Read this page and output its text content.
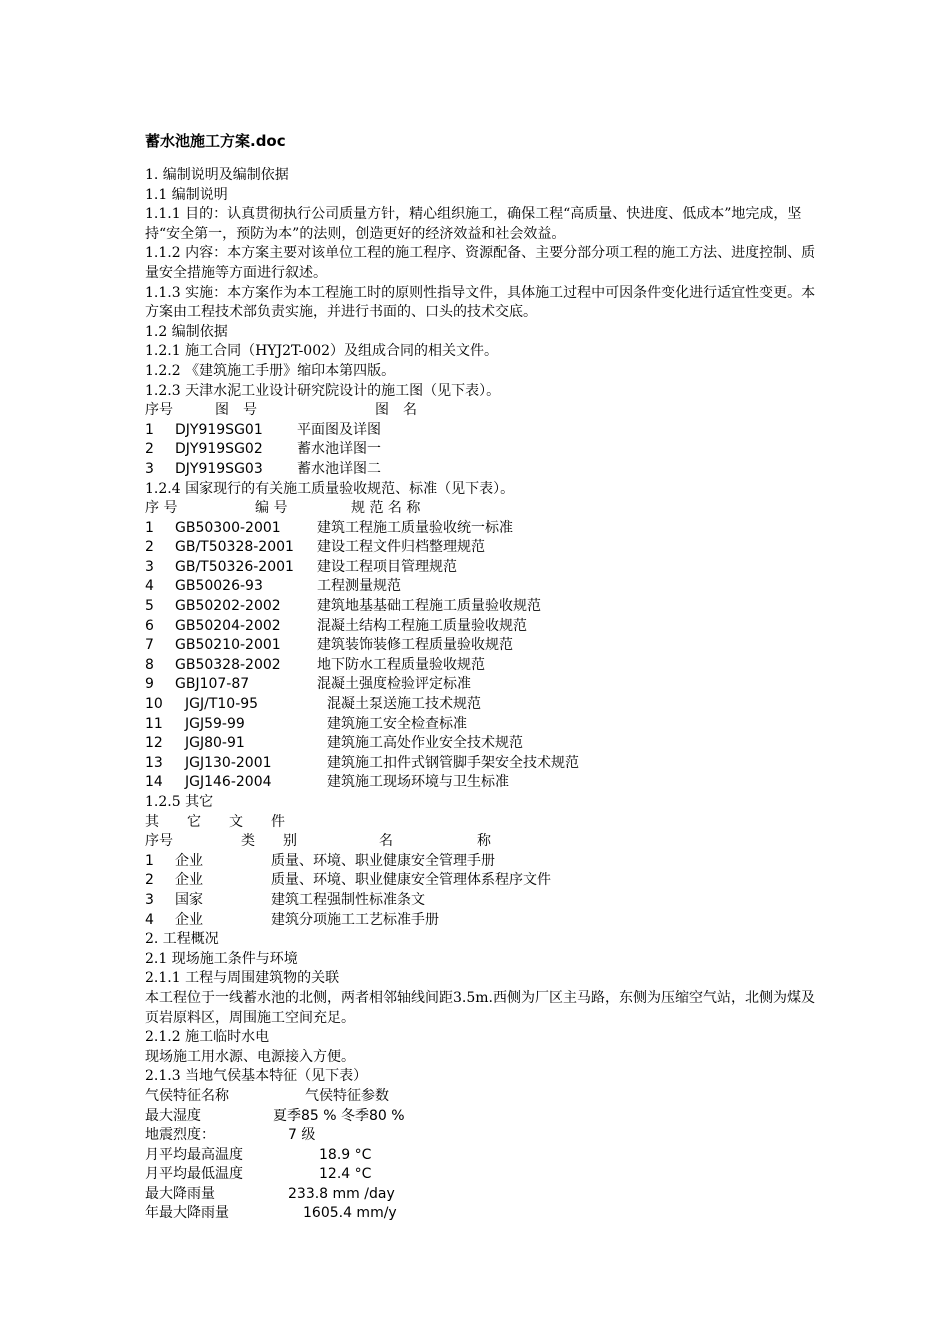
蓄水池施工方案.doc
1. 编制说明及编制依据
1.1 编制说明
1.1.1 目的：认真贯彻执行公司质量方针，精心组织施工，确保工程“高质量、快进度、低成本”地完成，坚持“安全第一，预防为本”的法则，创造更好的经济效益和社会效益。
1.1.2 内容：本方案主要对该单位工程的施工程序、资源配备、主要分部分项工程的施工方法、进度控制、质量安全措施等方面进行叙述。
1.1.3 实施：本方案作为本工程施工时的原则性指导文件，具体施工过程中可因条件变化进行适宜性变更。本方案由工程技术部负责实施，并进行书面的、口头的技术交底。
1.2 编制依据
1.2.1 施工合同（HYJ2T-002）及组成合同的相关文件。
1.2.2 《建筑施工手册》缩印本第四版。
1.2.3 天津水泥工业设计研究院设计的施工图（见下表）。
序号	图　号	图　名
1	DJY919SG01	平面图及详图
2	DJY919SG02	蓄水池详图一
3	DJY919SG03	蓄水池详图二
1.2.4 国家现行的有关施工质量验收规范、标准（见下表）。
序 号	编 号	规 范 名 称
1	GB50300-2001	建筑工程施工质量验收统一标准
2	GB/T50328-2001	建设工程文件归档整理规范
3	GB/T50326-2001	建设工程项目管理规范
4	GB50026-93	工程测量规范
5	GB50202-2002	建筑地基基础工程施工质量验收规范
6	GB50204-2002	混凝土结构工程施工质量验收规范
7	GB50210-2001	建筑装饰装修工程质量验收规范
8	GB50328-2002	地下防水工程质量验收规范
9	GBJ107-87	混凝土强度检验评定标准
10	JGJ/T10-95	混凝土泵送施工技术规范
11	JGJ59-99	建筑施工安全检查标准
12	JGJ80-91	建筑施工高处作业安全技术规范
13	JGJ130-2001	建筑施工扣件式钢管脚手架安全技术规范
14	JGJ146-2004	建筑施工现场环境与卫生标准
1.2.5 其它
其　　它　　文　　件
序号	类　　别	名　　　　　　称
1	企业	质量、环境、职业健康安全管理手册
2	企业	质量、环境、职业健康安全管理体系程序文件
3	国家	建筑工程强制性标准条文
4	企业	建筑分项施工工艺标准手册
2. 工程概况
2.1 现场施工条件与环境
2.1.1 工程与周围建筑物的关联
本工程位于一线蓄水池的北侧，两者相邻轴线间距3.5m.西侧为厂区主马路，东侧为压缩空气站，北侧为煤及页岩原料区，周围施工空间充足。
2.1.2 施工临时水电
现场施工用水源、电源接入方便。
2.1.3 当地气侯基本特征（见下表）
气侯特征名称	气侯特征参数
最大湿度	夏季85 % 冬季80 %
地震烈度：	7 级
月平均最高温度	18.9 °C
月平均最低温度	12.4 °C
最大降雨量	233.8 mm /day
年最大降雨量	1605.4 mm/y
